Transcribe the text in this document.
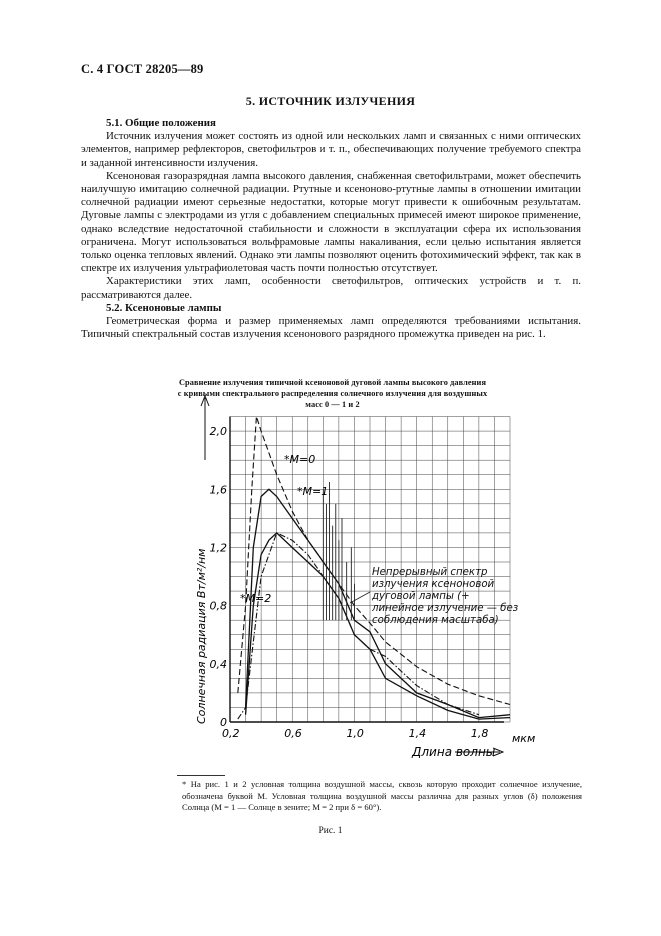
С. 4 ГОСТ 28205—89
5. ИСТОЧНИК ИЗЛУЧЕНИЯ

5.1. Общие положения

Источник излучения может состоять из одной или нескольких ламп и связанных с ними оптических элементов, например рефлекторов, светофильтров и т. п., обеспечивающих получение требуемого спектра и заданной интенсивности излучения.

Ксеноновая газоразрядная лампа высокого давления, снабженная светофильтрами, может обеспечить наилучшую имитацию солнечной радиации. Ртутные и ксеноново-ртутные лампы в отношении имитации солнечной радиации имеют серьезные недостатки, которые могут привести к ошибочным результатам. Дуговые лампы с электродами из угля с добавлением специальных примесей имеют широкое применение, однако вследствие недостаточной стабильности и сложности в эксплуатации сфера их использования ограничена. Могут использоваться вольфрамовые лампы накаливания, если целью испытания является только оценка тепловых явлений. Однако эти лампы позволяют оценить фотохимический эффект, так как в спектре их излучения ультрафиолетовая часть почти полностью отсутствует.

Характеристики этих ламп, особенности светофильтров, оптических устройств и т. п. рассматриваются далее.

5.2. Ксеноновые лампы

Геометрическая форма и размер применяемых ламп определяются требованиями испытания. Типичный спектральный состав излучения ксенонового разрядного промежутка приведен на рис. 1.

Сравнение излучения типичной ксеноновой дуговой лампы высокого давления
с кривыми спектрального распределения солнечного излучения для воздушных
масс 0 — 1 и 2
0,2	0,6	1,0	1,4	1,8
0
0,4
0,8
1,2
1,6
2,0
мкм
Длина волны
Солнечная радиация Вт/м²/нм
*M=0
*M=1
*M=2
Непрерывный спектр излучения ксеноновой дуговой лампы (+ линейное излучение — без соблюдения масштаба)
* На рис. 1 и 2 условная толщина воздушной массы, сквозь которую проходит солнечное излучение, обозначена буквой М. Условная толщина воздушной массы различна для разных углов (δ) положения Солнца (М = 1 — Солнце в зените; М = 2 при δ = 60°).
Рис. 1
